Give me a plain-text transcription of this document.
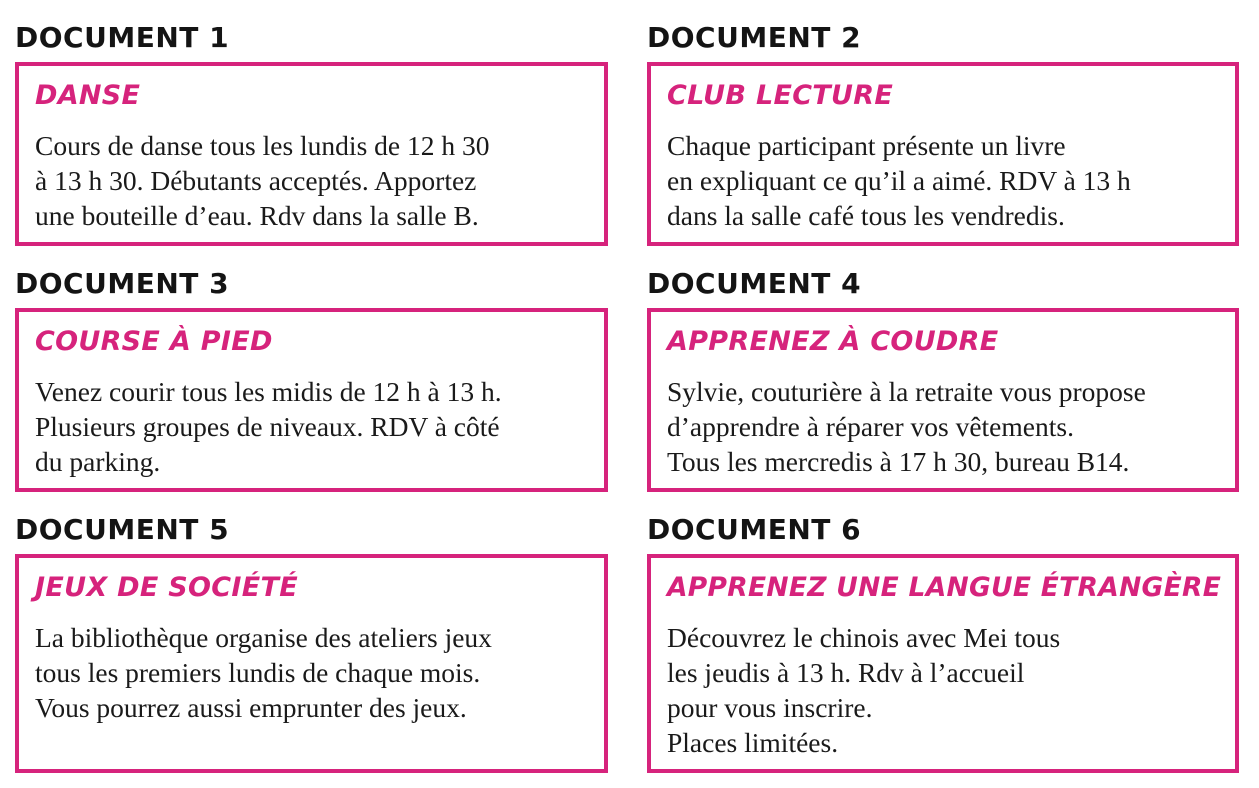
DOCUMENT 1
DANSE
Cours de danse tous les lundis de 12 h 30
à 13 h 30. Débutants acceptés. Apportez
une bouteille d’eau. Rdv dans la salle B.
DOCUMENT 2
CLUB LECTURE
Chaque participant présente un livre
en expliquant ce qu’il a aimé. RDV à 13 h
dans la salle café tous les vendredis.
DOCUMENT 3
COURSE À PIED
Venez courir tous les midis de 12 h à 13 h.
Plusieurs groupes de niveaux. RDV à côté
du parking.
DOCUMENT 4
APPRENEZ À COUDRE
Sylvie, couturière à la retraite vous propose
d’apprendre à réparer vos vêtements.
Tous les mercredis à 17 h 30, bureau B14.
DOCUMENT 5
JEUX DE SOCIÉTÉ
La bibliothèque organise des ateliers jeux
tous les premiers lundis de chaque mois.
Vous pourrez aussi emprunter des jeux.
DOCUMENT 6
APPRENEZ UNE LANGUE ÉTRANGÈRE
Découvrez le chinois avec Mei tous
les jeudis à 13 h. Rdv à l’accueil
pour vous inscrire.
Places limitées.
